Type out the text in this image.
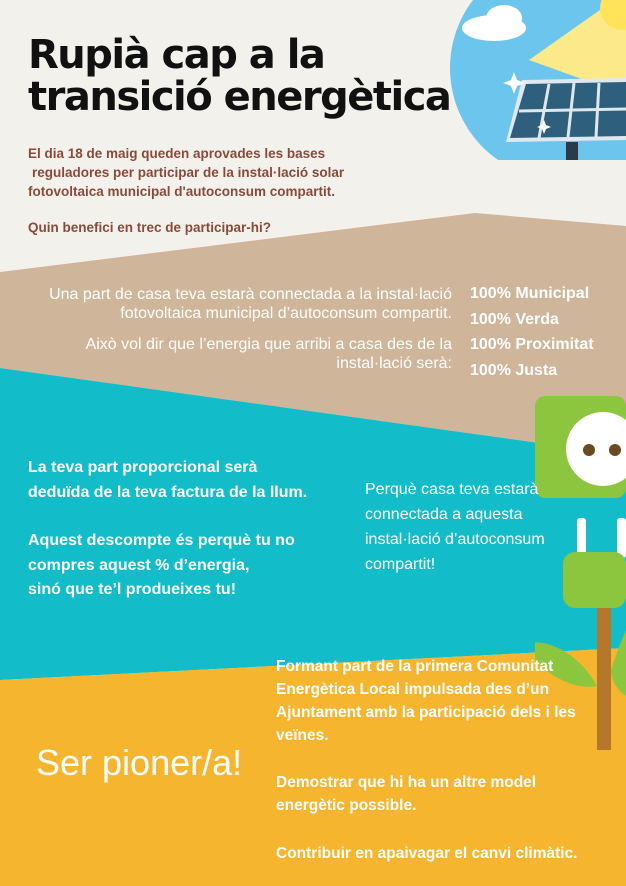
Rupià cap a la
transició energètica
El dia 18 de maig queden aprovades les bases
reguladores per participar de la instal·lació solar
fotovoltaica municipal d'autoconsum compartit.
Quin benefici en trec de participar-hi?
Una part de casa teva estarà connectada a la instal·lació
fotovoltaica municipal d’autoconsum compartit.
Això vol dir que l’energia que arribi a casa des de la
instal·lació serà:
100% Municipal
100% Verda
100% Proximitat
100% Justa
La teva part proporcional serà
deduïda de la teva factura de la llum.
Aquest descompte és perquè tu no
compres aquest % d’energia,
sinó que te’l produeixes tu!
Perquè casa teva estarà
connectada a aquesta
instal·lació d’autoconsum
compartit!
Ser pioner/a!
Formant part de la primera Comunitat
Energètica Local impulsada des d’un
Ajuntament amb la participació dels i les
veïnes.
Demostrar que hi ha un altre model
energètic possible.
Contribuir en apaivagar el canvi climàtic.
